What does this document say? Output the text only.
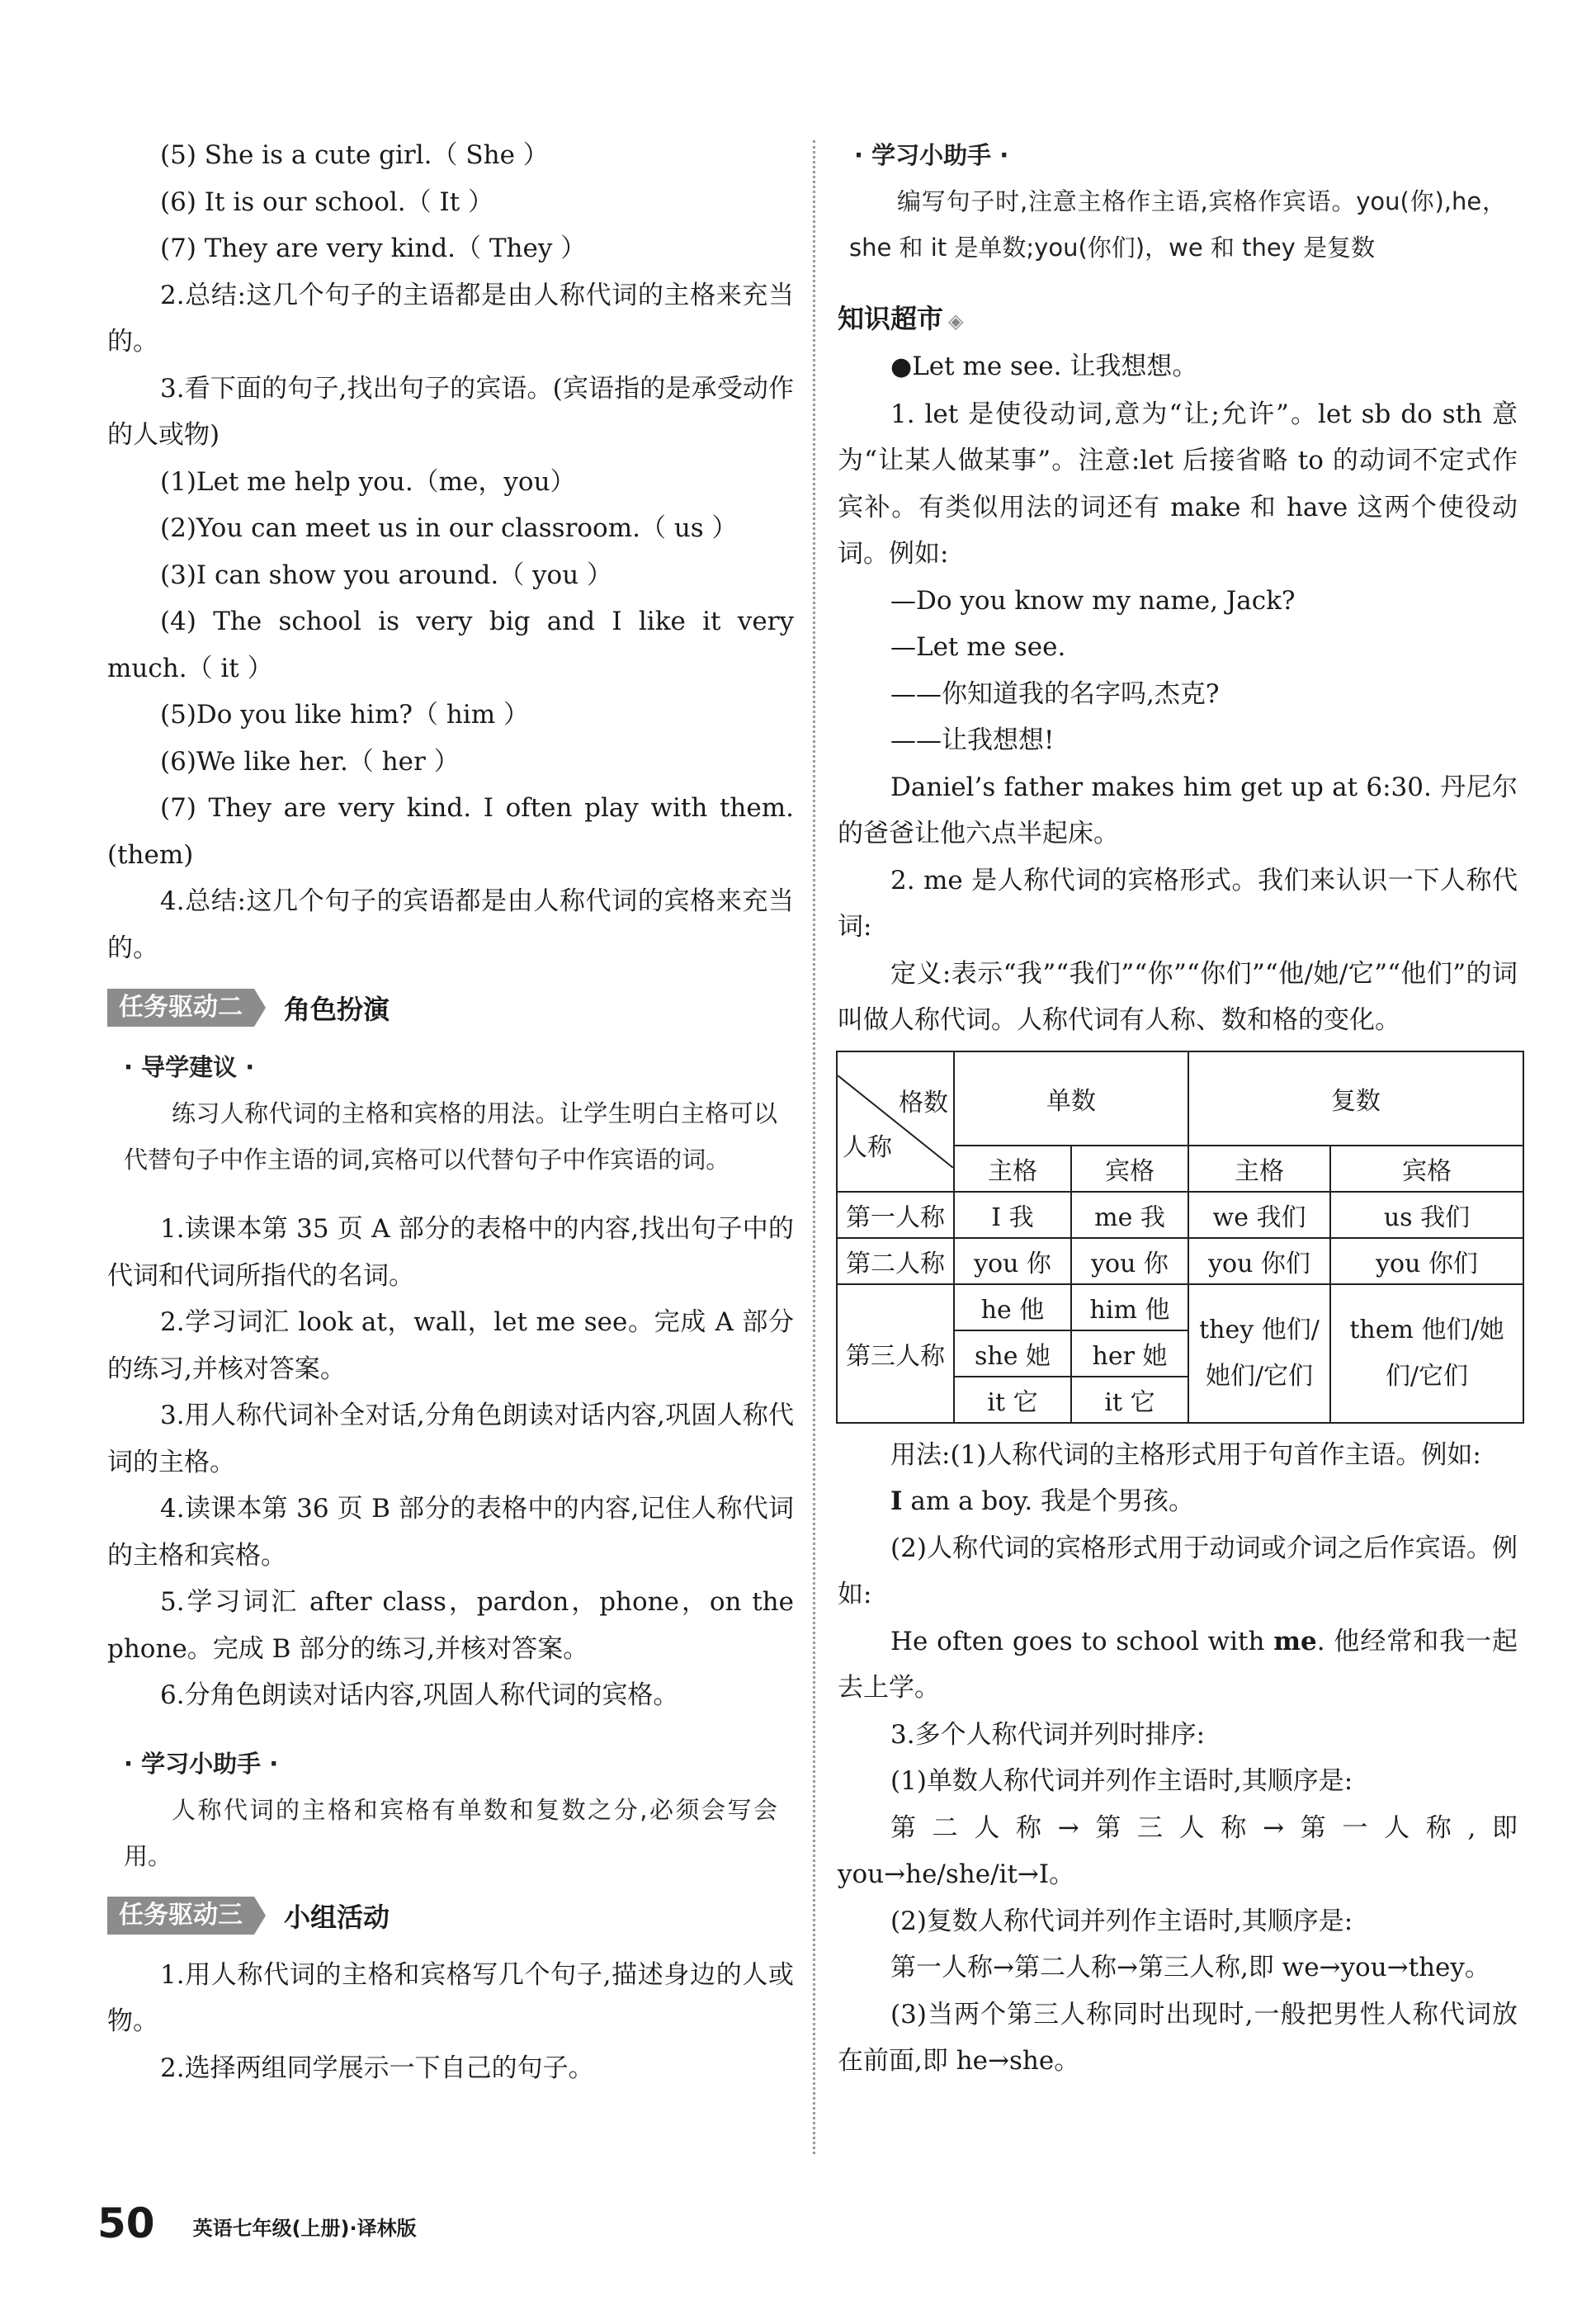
(5) She is a cute girl.（ She ）

(6) It is our school.（ It ）

(7) They are very kind.（ They ）

2.总结:这几个句子的主语都是由人称代词的主格来充当的。

3.看下面的句子,找出句子的宾语。(宾语指的是承受动作的人或物)

(1)Let me help you.（me，you）

(2)You can meet us in our classroom.（ us ）

(3)I can show you around.（ you ）

(4) The school is very big and I like it very much.（ it ）

(5)Do you like him?（ him ）

(6)We like her.（ her ）

(7) They are very kind. I often play with them.(them)

4.总结:这几个句子的宾语都是由人称代词的宾格来充当的。

任务驱动二	角色扮演
· 导学建议 ·

练习人称代词的主格和宾格的用法。让学生明白主格可以代替句子中作主语的词,宾格可以代替句子中作宾语的词。

1.读课本第 35 页 A 部分的表格中的内容,找出句子中的代词和代词所指代的名词。

2.学习词汇 look at，wall，let me see。完成 A 部分的练习,并核对答案。

3.用人称代词补全对话,分角色朗读对话内容,巩固人称代词的主格。

4.读课本第 36 页 B 部分的表格中的内容,记住人称代词的主格和宾格。

5.学习词汇 after class，pardon，phone，on the phone。完成 B 部分的练习,并核对答案。

6.分角色朗读对话内容,巩固人称代词的宾格。

· 学习小助手 ·

人称代词的主格和宾格有单数和复数之分,必须会写会用。

任务驱动三	小组活动

1.用人称代词的主格和宾格写几个句子,描述身边的人或物。

2.选择两组同学展示一下自己的句子。

· 学习小助手 ·

编写句子时,注意主格作主语,宾格作宾语。you(你),he，she 和 it 是单数;you(你们)，we 和 they 是复数

知识超市 ◈

●Let me see. 让我想想。

1. let 是使役动词,意为“让;允许”。let sb do sth 意为“让某人做某事”。注意:let 后接省略 to 的动词不定式作宾补。有类似用法的词还有 make 和 have 这两个使役动词。例如:

—Do you know my name, Jack?

—Let me see.

——你知道我的名字吗,杰克?

——让我想想!

Daniel’s father makes him get up at 6:30. 丹尼尔的爸爸让他六点半起床。

2. me 是人称代词的宾格形式。我们来认识一下人称代词:

定义:表示“我”“我们”“你”“你们”“他/她/它”“他们”的词叫做人称代词。人称代词有人称、数和格的变化。

格数
人称	单数		复数	
	主格	宾格	主格	宾格
第一人称	I 我	me 我	we 我们	us 我们
第二人称	you 你	you 你	you 你们	you 你们
第三人称	he 他	him 他	they 他们/她们/它们	them 他们/她们/它们
	she 她	her 她		
	it 它	it 它		

用法:(1)人称代词的主格形式用于句首作主语。例如:

I am a boy. 我是个男孩。

(2)人称代词的宾格形式用于动词或介词之后作宾语。例如:

He often goes to school with me. 他经常和我一起去上学。

3.多个人称代词并列时排序:

(1)单数人称代词并列作主语时,其顺序是:

第二人称→第三人称→第一人称,即 you→he/she/it→I。

(2)复数人称代词并列作主语时,其顺序是:

第一人称→第二人称→第三人称,即 we→you→they。

(3)当两个第三人称同时出现时,一般把男性人称代词放在前面,即 he→she。

50 英语七年级(上册)·译林版
